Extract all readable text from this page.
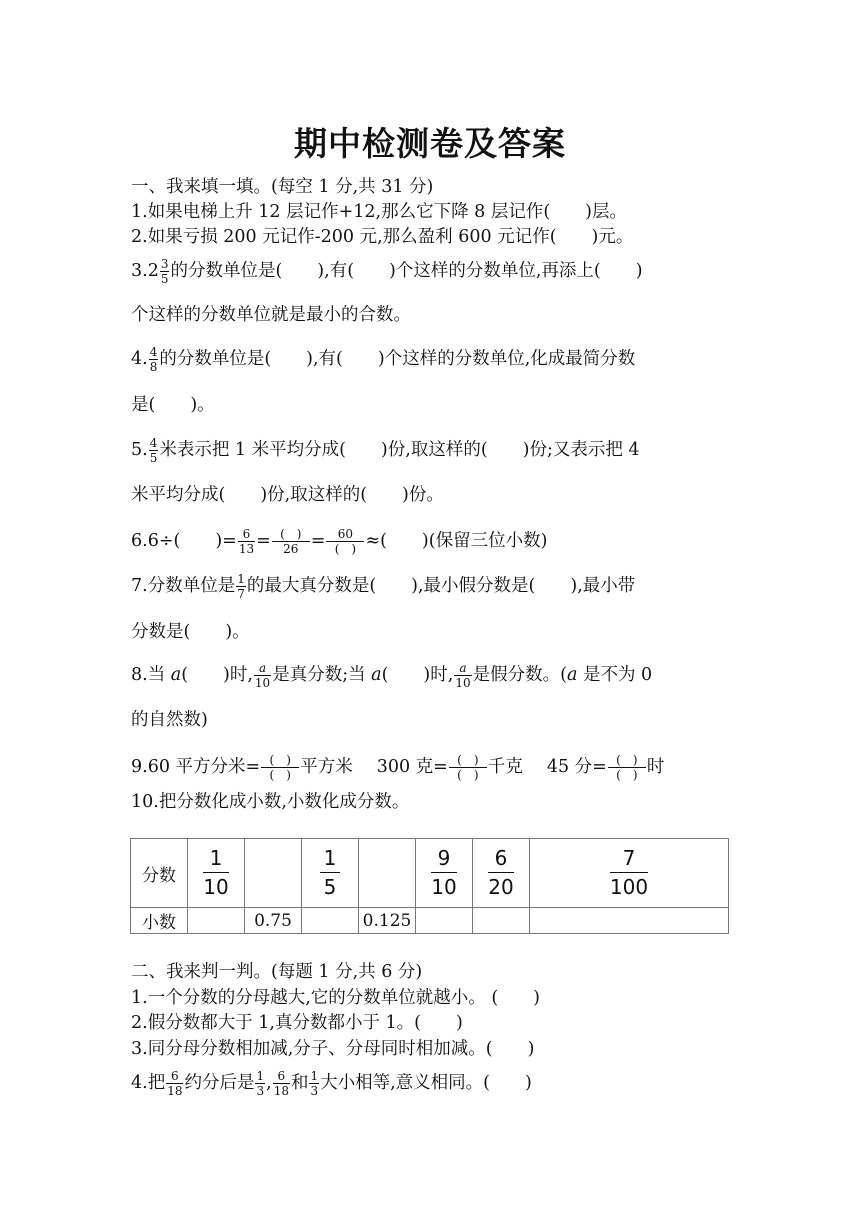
期中检测卷及答案
一、我来填一填。(每空 1 分,共 31 分)
1.如果电梯上升 12 层记作+12,那么它下降 8 层记作(　　)层。
2.如果亏损 200 元记作-200 元,那么盈利 600 元记作(　　)元。
$3.2 \frac{3}{5}$ 的分数单位是(　　),有(　　)个这样的分数单位,再添上(　　)
个这样的分数单位就是最小的合数。
4. $\frac{4}{8}$ 的分数单位是(　　),有(　　)个这样的分数单位,化成最简分数
是(　　)。
5. $\frac{4}{5}$ 米表示把 1 米平均分成(　　)份,取这样的(　　)份;又表示把 4
米平均分成(　　)份,取这样的(　　)份。
6.6÷(　　)= $\frac{6}{13} = \frac{( )}{26} = \frac{60}{( )}$ ≈(　　)(保留三位小数)
7.分数单位是 $\frac{1}{7}$ 的最大真分数是(　　),最小假分数是(　　),最小带
分数是(　　)。
8.当 a(　　)时, $\frac{a}{10}$ 是真分数;当 a(　　)时, $\frac{a}{10}$ 是假分数。(a 是不为 0
的自然数)
9.60 平方分米= $\frac{( )}{( )}$ 平方米 300 克= $\frac{( )}{( )}$ 千克 45 分= $\frac{( )}{( )}$ 时
10.把分数化成小数,小数化成分数。
分数	$\frac{1}{10}$		$\frac{1}{5}$		$\frac{9}{10}$	$\frac{6}{20}$	$\frac{7}{100}$

小数		0.75		0.125			
二、我来判一判。(每题 1 分,共 6 分)
1.一个分数的分母越大,它的分数单位就越小。 (　　)
2.假分数都大于 1,真分数都小于 1。(　　)
3.同分母分数相加减,分子、分母同时相加减。(　　)
4.把 $\frac{6}{18}$ 约分后是 $\frac{1}{3}$ , $\frac{6}{18}$ 和 $\frac{1}{3}$ 大小相等,意义相同。(　　)
